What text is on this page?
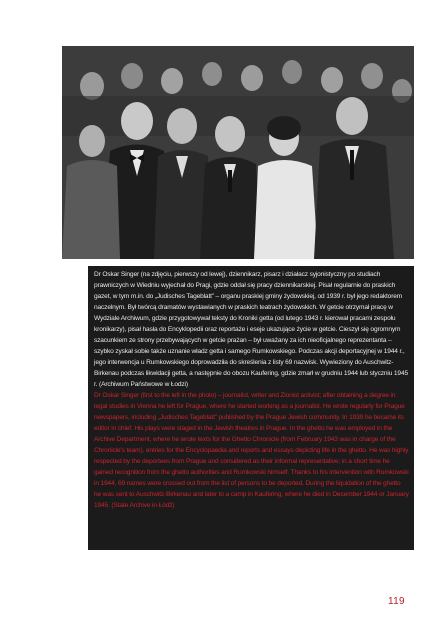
Dr Oskar Singer (na zdjęciu, pierwszy od lewej), dziennikarz, pisarz i działacz syjonistyczny po studiach prawniczych w Wiedniu wyjechał do Pragi, gdzie oddał się pracy dziennikarskiej. Pisał regularnie do praskich gazet, w tym m.in. do „Judisches Tageblatt” – organu praskiej gminy żydowskiej, od 1939 r. był jego redaktorem naczelnym. Był twórcą dramatów wystawianych w praskich teatrach żydowskich. W getcie otrzymał pracę w Wydziale Archiwum, gdzie przygotowywał teksty do Kroniki getta (od lutego 1943 r. kierował pracami zespołu kronikarzy), pisał hasła do Encyklopedii oraz reportaże i eseje ukazujące życie w getcie. Cieszył się ogromnym szacunkiem ze strony przebywających w getcie prażan – był uważany za ich nieoficjalnego reprezentanta – szybko zyskał sobie także uznanie władz getta i samego Rumkowskiego. Podczas akcji deportacyjnej w 1944 r., jego interwencja u Rumkowskiego doprowadziła do skreślenia z listy 69 nazwisk. Wywieziony do Auschwitz-Birkenau podczas likwidacji getta, a następnie do obozu Kaufering, gdzie zmarł w grudniu 1944 lub styczniu 1945 r. (Archiwum Państwowe w Łodzi)

Dr Oskar Singer (first to the left in the photo) – journalist, writer and Zionist activist; after obtaining a degree in legal studies in Vienna he left for Prague, where he started working as a journalist. He wrote regularly for Prague newspapers, including „Judisches Tageblatt” published by the Prague Jewish community. In 1939 he became its editor in chief. His plays were staged in the Jewish theatres in Prague. In the ghetto he was employed in the Archive Department, where he wrote texts for the Ghetto Chronicle (from February 1943 was in charge of the Chronicle's team), entries for the Encyclopaedia and reports and essays depicting life in the ghetto. He was highly respected by the deportees from Prague and considered as their informal representative; in a short time he gained recognition from the ghetto authorities and Rumkowski himself. Thanks to his intervention with Rumkowski in 1944, 69 names were crossed out from the list of persons to be deported. During the liquidation of the ghetto he was sent to Auschwitz-Birkenau and later to a camp in Kaufering, where he died in December 1944 or January 1945. (State Archive in Łódź)

119
